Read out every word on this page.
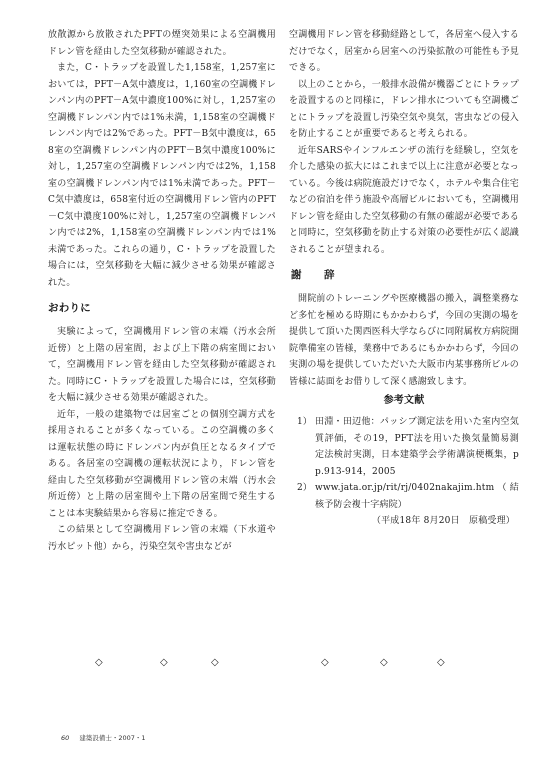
放散源から放散されたPFTの煙突効果による空調機用ドレン管を経由した空気移動が確認された。

また，C・トラップを設置した1,158室，1,257室においては，PFT－A気中濃度は，1,160室の空調機ドレンパン内のPFT－A気中濃度100%に対し，1,257室の空調機ドレンパン内では1%未満，1,158室の空調機ドレンパン内では2%であった。PFT－B気中濃度は，658室の空調機ドレンパン内のPFT－B気中濃度100%に対し，1,257室の空調機ドレンパン内では2%，1,158室の空調機ドレンパン内では1%未満であった。PFT－C気中濃度は，658室付近の空調機用ドレン管内のPFT－C気中濃度100%に対し，1,257室の空調機ドレンパン内では2%，1,158室の空調機ドレンパン内では1%未満であった。これらの通り，C・トラップを設置した場合には，空気移動を大幅に減少させる効果が確認された。

おわりに

実験によって，空調機用ドレン管の末端（汚水会所近傍）と上階の居室間，および上下階の病室間において，空調機用ドレン管を経由した空気移動が確認された。同時にC・トラップを設置した場合には，空気移動を大幅に減少させる効果が確認された。

近年，一般の建築物では居室ごとの個別空調方式を採用されることが多くなっている。この空調機の多くは運転状態の時にドレンパン内が負圧となるタイプである。各居室の空調機の運転状況により，ドレン管を経由した空気移動が空調機用ドレン管の末端（汚水会所近傍）と上階の居室間や上下階の居室間で発生することは本実験結果から容易に推定できる。

この結果として空調機用ドレン管の末端（下水道や汚水ピット他）から，汚染空気や害虫などが

空調機用ドレン管を移動経路として，各居室へ侵入するだけでなく，居室から居室への汚染拡散の可能性も予見できる。

以上のことから，一般排水設備が機器ごとにトラップを設置するのと同様に，ドレン排水についても空調機ごとにトラップを設置し汚染空気や臭気，害虫などの侵入を防止することが重要であると考えられる。

近年SARSやインフルエンザの流行を経験し，空気を介した感染の拡大にはこれまで以上に注意が必要となっている。今後は病院施設だけでなく，ホテルや集合住宅などの宿泊を伴う施設や高層ビルにおいても，空調機用ドレン管を経由した空気移動の有無の確認が必要であると同時に，空気移動を防止する対策の必要性が広く認識されることが望まれる。

謝　辞

開院前のトレーニングや医療機器の搬入，調整業務など多忙を極める時期にもかかわらず，今回の実測の場を提供して頂いた関西医科大学ならびに同附属枚方病院開院準備室の皆様，業務中であるにもかかわらず，今回の実測の場を提供していただいた大阪市内某事務所ビルの皆様に誌面をお借りして深く感謝致します。

参考文献
1） 田淵・田辺他：パッシブ測定法を用いた室内空気質評価，その19，PFT法を用いた換気量簡易測定法検討実測，日本建築学会学術講演梗概集，pp.913-914，2005
2） www.jata.or.jp/rit/rj/0402nakajim.htm（結核予防会複十字病院）
（平成18年 8月20日　原稿受理）
◇	◇	◇	◇	◇	◇
60 建築設備士・2007・1
